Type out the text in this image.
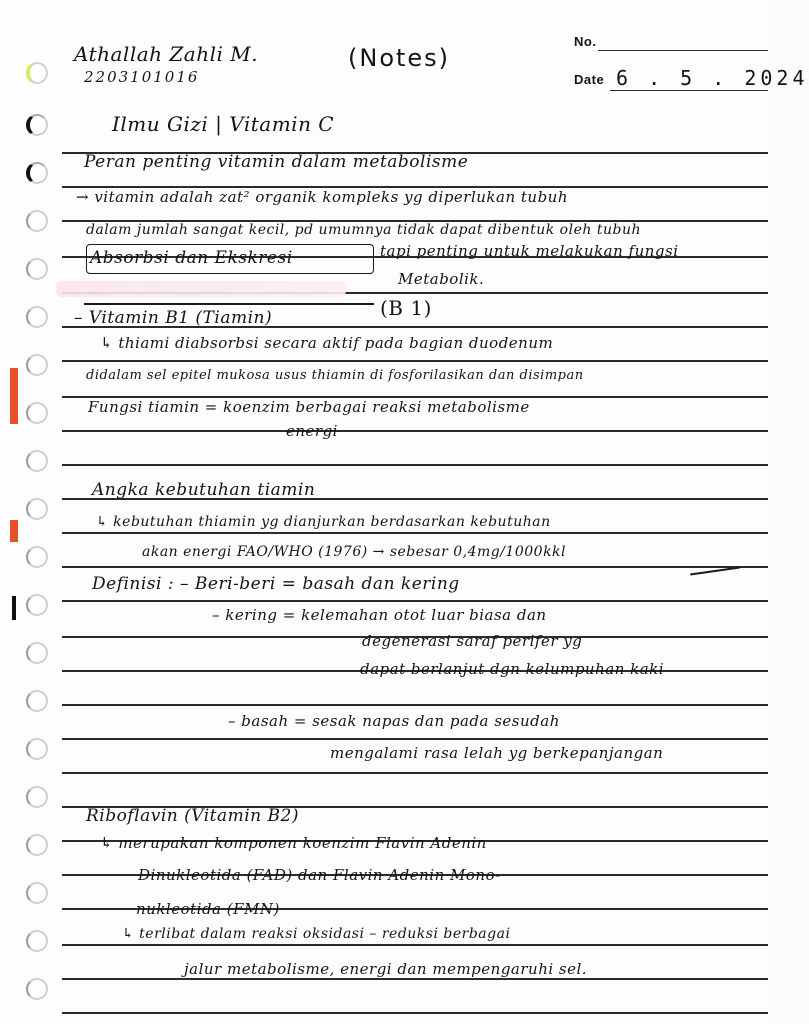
Athallah Zahli M.
2203101016
(Notes)
No.
Date 6 . 5 . 2024
Ilmu Gizi | Vitamin C
Peran penting vitamin dalam metabolisme
→ vitamin adalah zat² organik kompleks yg diperlukan tubuh
dalam jumlah sangat kecil, pd umumnya tidak dapat dibentuk oleh tubuh
Absorbsi dan Ekskresi	tapi penting untuk melakukan fungsi
Metabolik.
– Vitamin B1 (Tiamin)	(B 1)
↳ thiami diabsorbsi secara aktif pada bagian duodenum
didalam sel epitel mukosa usus thiamin di fosforilasikan dan disimpan
Fungsi tiamin = koenzim berbagai reaksi metabolisme
energi
Angka kebutuhan tiamin
↳ kebutuhan thiamin yg dianjurkan berdasarkan kebutuhan
akan energi FAO/WHO (1976) → sebesar 0,4mg/1000kkl
Definisi : – Beri-beri = basah dan kering
– kering = kelemahan otot luar biasa dan
degenerasi saraf perifer yg
dapat berlanjut dgn kelumpuhan kaki
– basah = sesak napas dan pada sesudah
mengalami rasa lelah yg berkepanjangan
Riboflavin (Vitamin B2)
↳ merupakan komponen koenzim Flavin Adenin
Dinukleotida (FAD) dan Flavin Adenin Mono-
nukleotida (FMN)
↳ terlibat dalam reaksi oksidasi – reduksi berbagai
jalur metabolisme, energi dan mempengaruhi sel.
